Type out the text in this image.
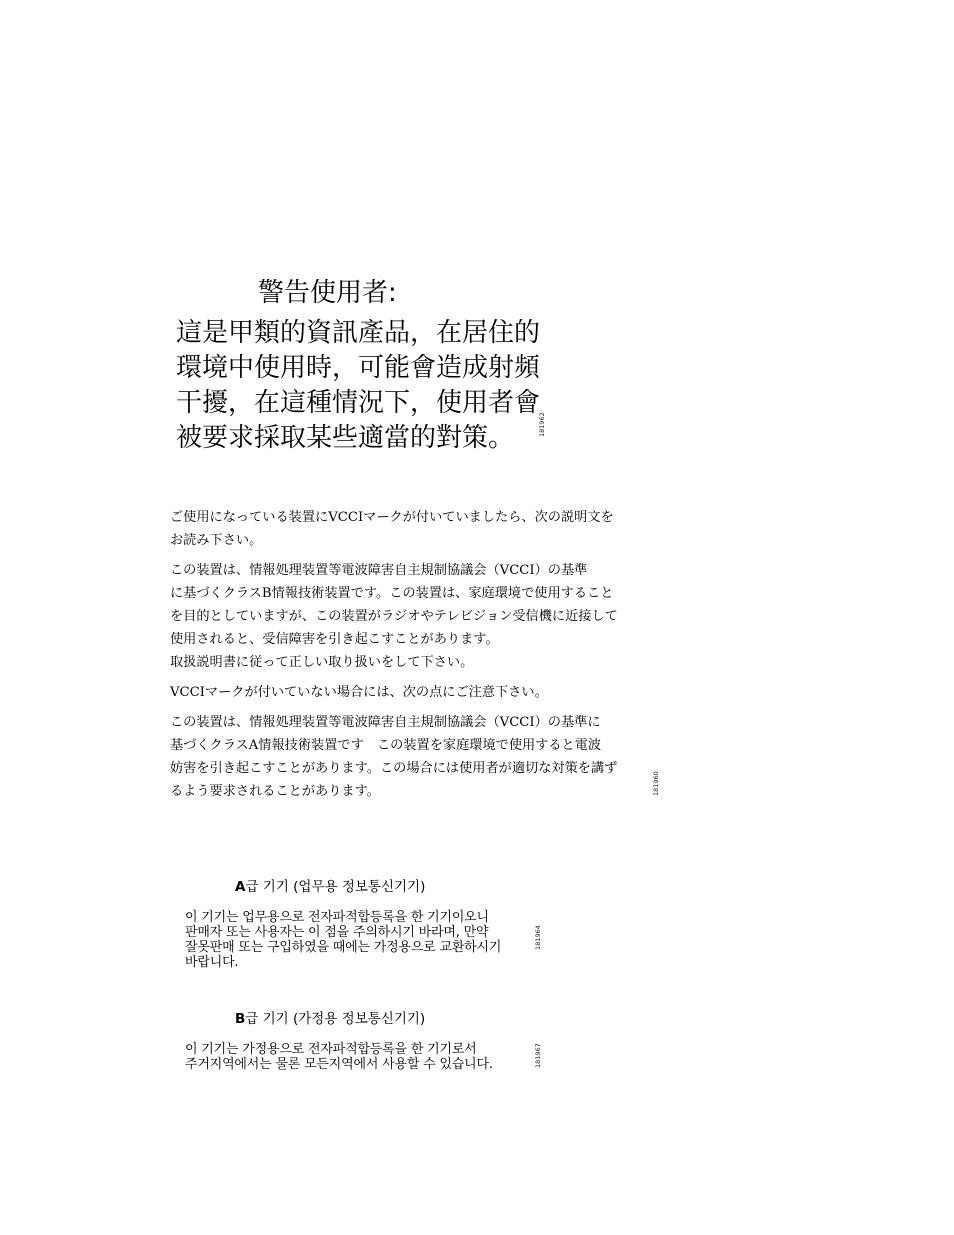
警告使用者:
這是甲類的資訊產品，在居住的
環境中使用時，可能會造成射頻
干擾，在這種情況下，使用者會
被要求採取某些適當的對策。	181962
ご使用になっている装置にVCCIマークが付いていましたら、次の説明文を
お読み下さい。
この装置は、情報処理装置等電波障害自主規制協議会（VCCI）の基準
に基づくクラスB情報技術装置です。この装置は、家庭環境で使用すること
を目的としていますが、この装置がラジオやテレビジョン受信機に近接して
使用されると、受信障害を引き起こすことがあります。
取扱説明書に従って正しい取り扱いをして下さい。
VCCIマークが付いていない場合には、次の点にご注意下さい。
この装置は、情報処理装置等電波障害自主規制協議会（VCCI）の基準に
基づくクラスA情報技術装置です　この装置を家庭環境で使用すると電波
妨害を引き起こすことがあります。この場合には使用者が適切な対策を講ず
るよう要求されることがあります。	181960
A급 기기 (업무용 정보통신기기)
이 기기는 업무용으로 전자파적합등록을 한 기기이오니
판매자 또는 사용자는 이 점을 주의하시기 바라며, 만약
잘못판매 또는 구입하였을 때에는 가정용으로 교환하시기
바랍니다.
181964
B급 기기 (가정용 정보통신기기)
이 기기는 가정용으로 전자파적합등록을 한 기기로서
주거지역에서는 물론 모든지역에서 사용할 수 있습니다.	181967
